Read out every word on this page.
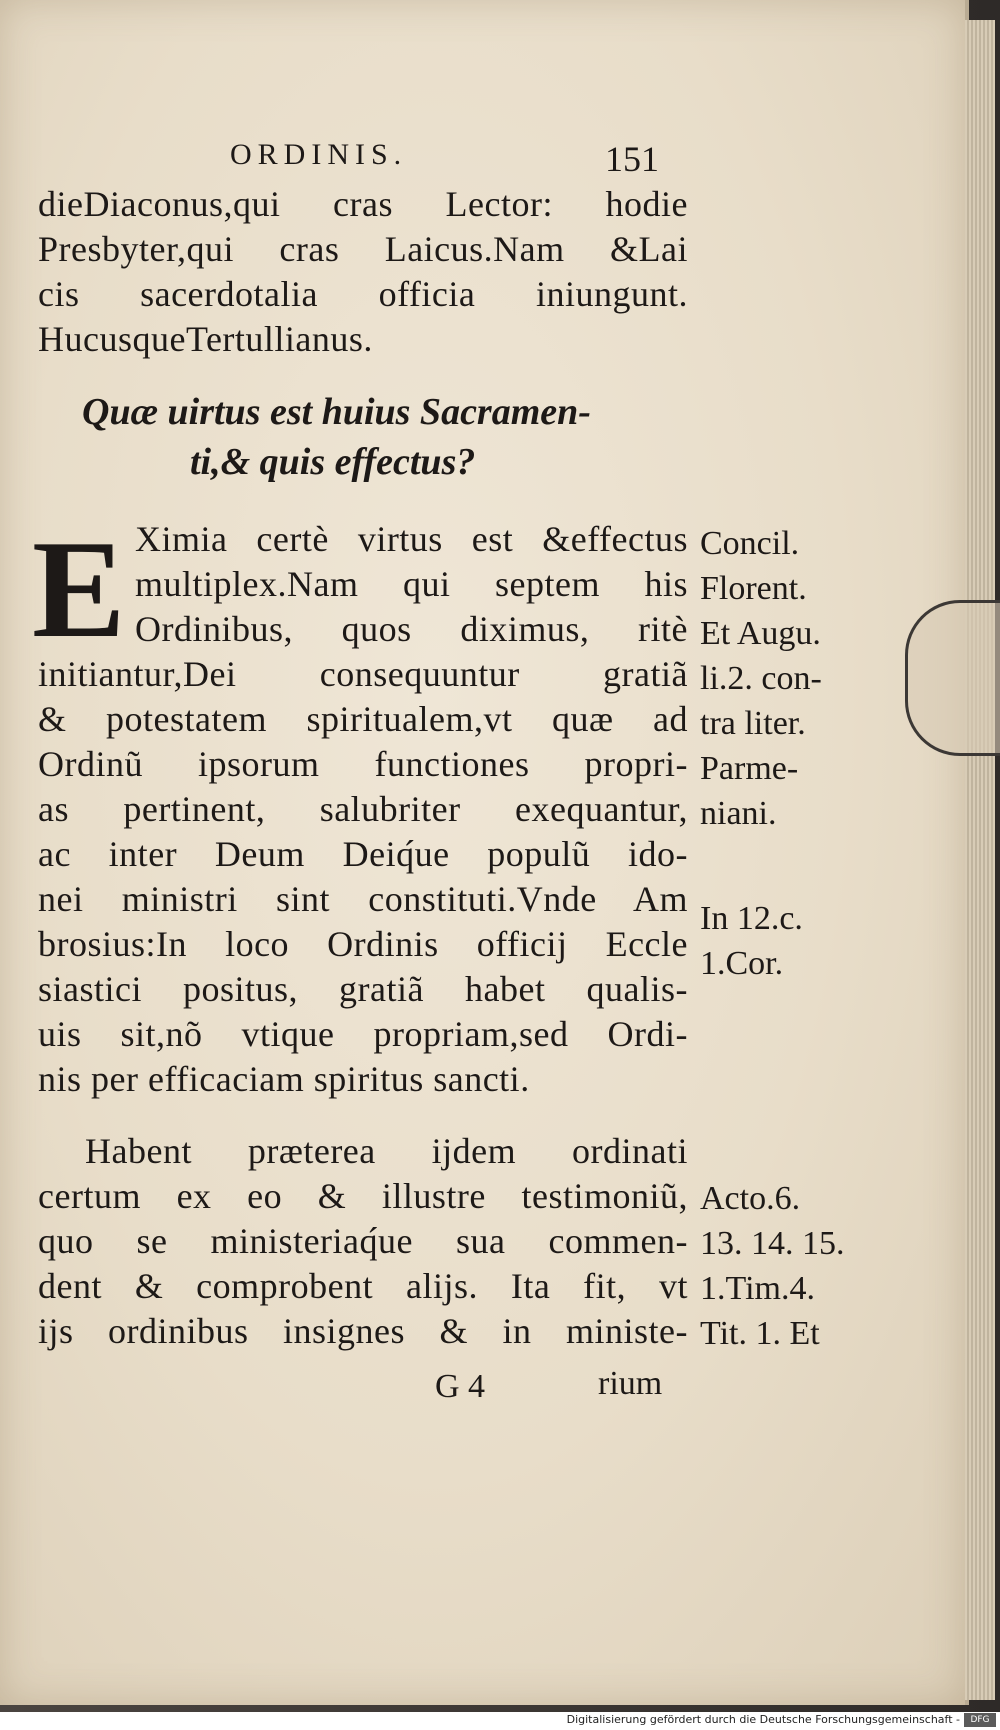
ORDINIS.	151
dieDiaconus,qui cras Lector: hodie
Presbyter,qui cras Laicus.Nam &Lai
cis sacerdotalia officia iniungunt.
HucusqueTertullianus.
Quæ uirtus est huius Sacramen-
ti,& quis effectus?
E Ximia certè virtus est &effectus
multiplex.Nam qui septem his
Ordinibus, quos diximus, ritè
initiantur,Dei consequuntur gratiã
& potestatem spiritualem,vt quæ ad
Ordinũ ipsorum functiones propri-
as pertinent, salubriter exequantur,
ac inter Deum Deiq́ue populũ ido-
nei ministri sint constituti.Vnde Am
brosius:In loco Ordinis officij Eccle
siastici positus, gratiã habet qualis-
uis sit,nõ vtique propriam,sed Ordi-
nis per efficaciam spiritus sancti.
Habent præterea ijdem ordinati
certum ex eo & illustre testimoniũ,
quo se ministeriaq́ue sua commen-
dent & comprobent alijs. Ita fit, vt
ijs ordinibus insignes & in ministe-
Concil.
Florent.
Et Augu.
li.2. con-
tra liter.
Parme-
niani.
In 12.c.
1.Cor.
Acto.6.
13. 14. 15.
1.Tim.4.
Tit. 1. Et
G 4	rium
Digitalisierung gefördert durch die Deutsche Forschungsgemeinschaft -	DFG
